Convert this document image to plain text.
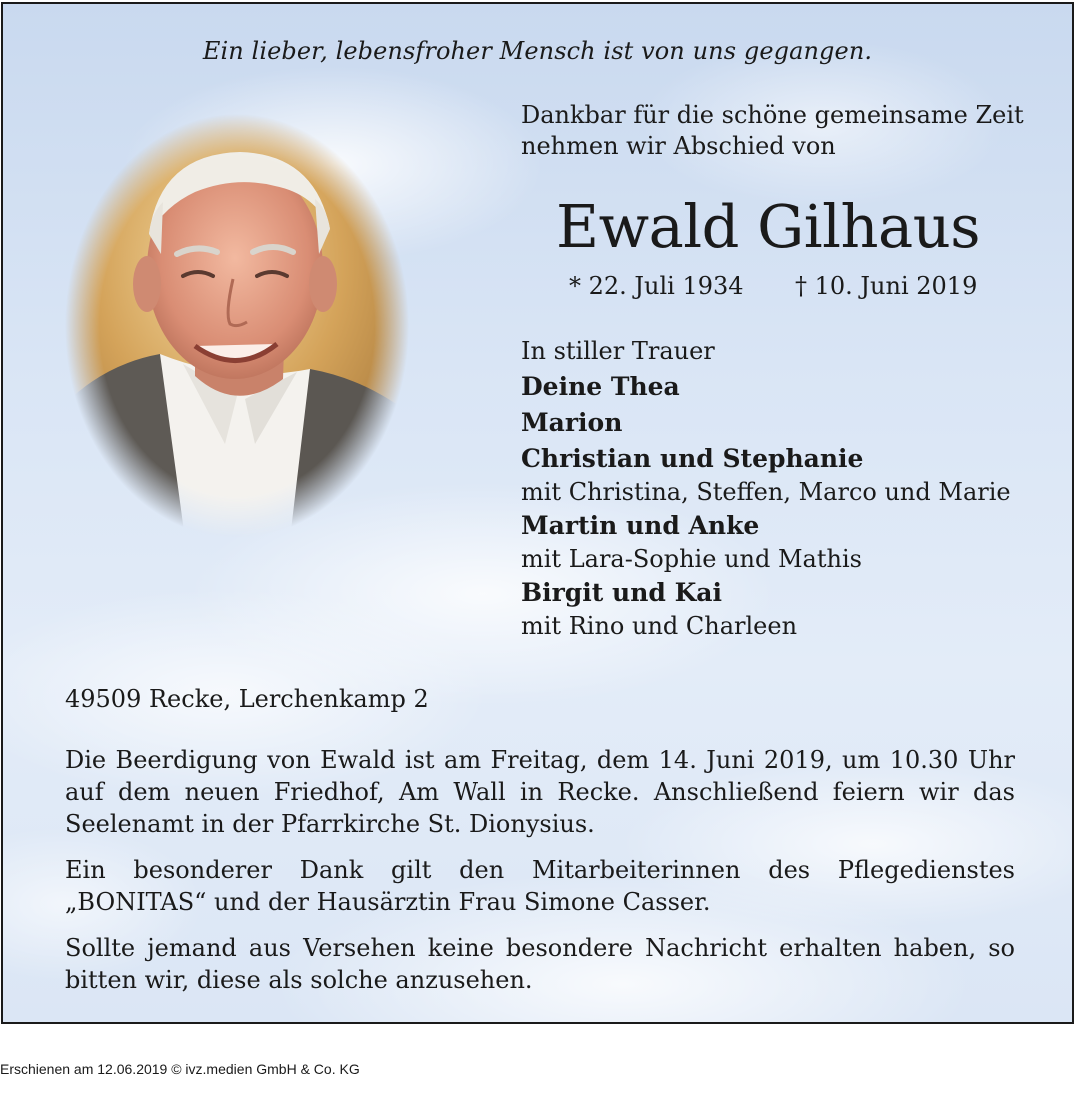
Ein lieber, lebensfroher Mensch ist von uns gegangen.
Dankbar für die schöne gemeinsame Zeit
nehmen wir Abschied von
Ewald Gilhaus
* 22. Juli 1934 † 10. Juni 2019
In stiller Trauer
Deine Thea
Marion
Christian und Stephanie
mit Christina, Steffen, Marco und Marie
Martin und Anke
mit Lara-Sophie und Mathis
Birgit und Kai
mit Rino und Charleen
49509 Recke, Lerchenkamp 2
Die Beerdigung von Ewald ist am Freitag, dem 14. Juni 2019, um 10.30 Uhr auf dem neuen Friedhof, Am Wall in Recke. Anschließend feiern wir das Seelenamt in der Pfarrkirche St. Dionysius.
Ein besonderer Dank gilt den Mitarbeiterinnen des Pflegedienstes „BONITAS“ und der Hausärztin Frau Simone Casser.
Sollte jemand aus Versehen keine besondere Nachricht erhalten haben, so bitten wir, diese als solche anzusehen.
Erschienen am 12.06.2019 © ivz.medien GmbH & Co. KG
